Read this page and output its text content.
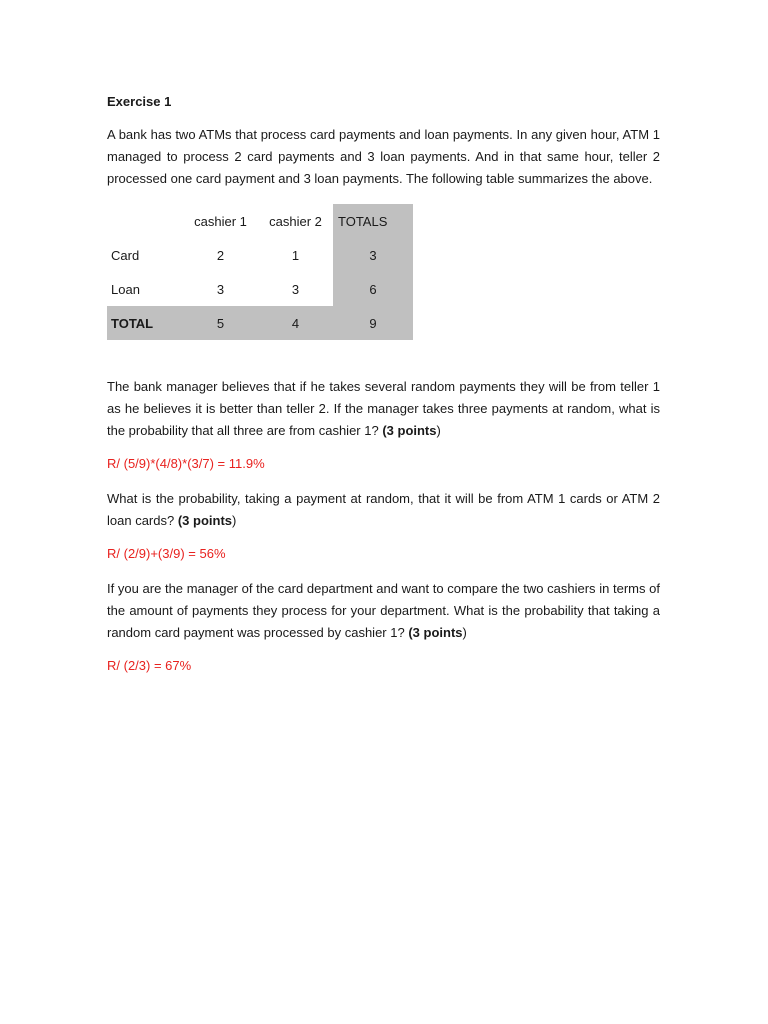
Exercise 1

A bank has two ATMs that process card payments and loan payments. In any given hour, ATM 1 managed to process 2 card payments and 3 loan payments. And in that same hour, teller 2 processed one card payment and 3 loan payments. The following table summarizes the above.

	cashier 1	cashier 2	TOTALS
Card	2	1	3
Loan	3	3	6
TOTAL	5	4	9

The bank manager believes that if he takes several random payments they will be from teller 1 as he believes it is better than teller 2. If the manager takes three payments at random, what is the probability that all three are from cashier 1? (3 points)

R/ (5/9)*(4/8)*(3/7) = 11.9%

What is the probability, taking a payment at random, that it will be from ATM 1 cards or ATM 2 loan cards? (3 points)

R/ (2/9)+(3/9) = 56%

If you are the manager of the card department and want to compare the two cashiers in terms of the amount of payments they process for your department. What is the probability that taking a random card payment was processed by cashier 1? (3 points)

R/ (2/3) = 67%
